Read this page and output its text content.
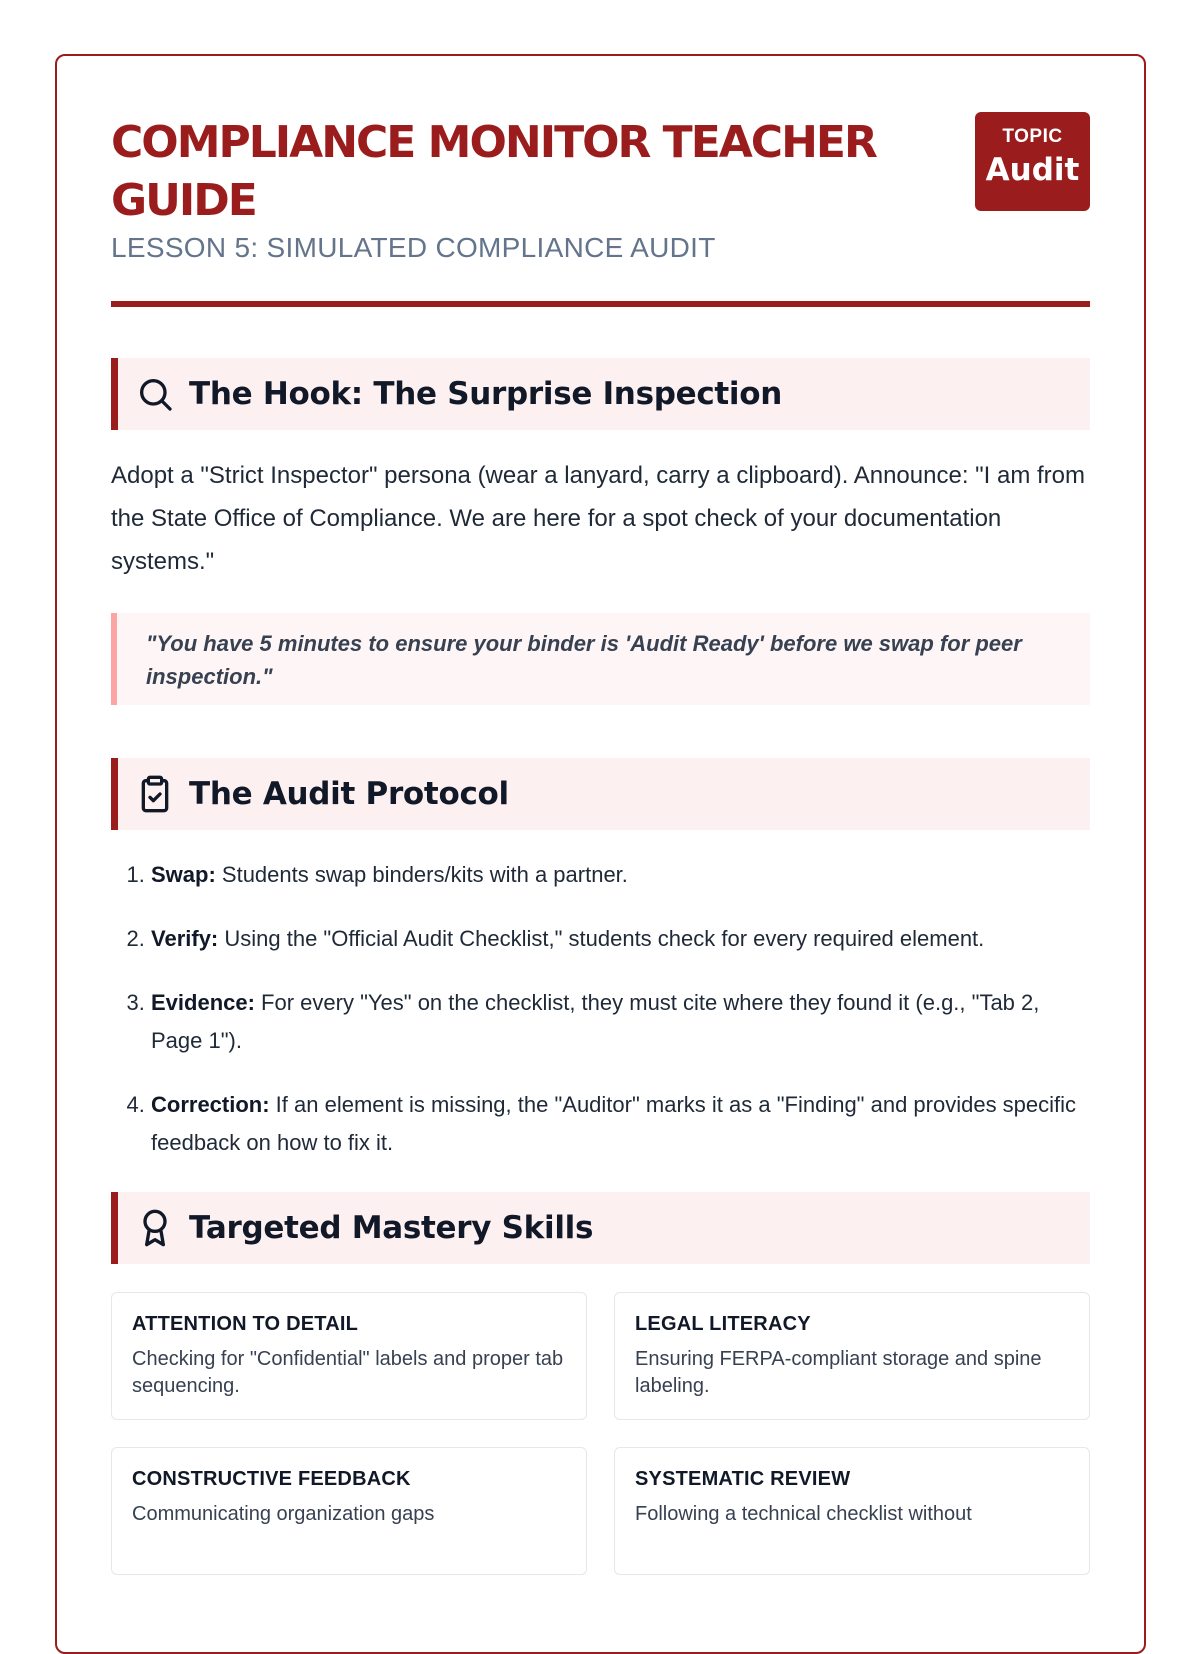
COMPLIANCE MONITOR TEACHER GUIDE
LESSON 5: SIMULATED COMPLIANCE AUDIT
TOPIC
Audit
The Hook: The Surprise Inspection

Adopt a "Strict Inspector" persona (wear a lanyard, carry a clipboard). Announce: "I am from the State Office of Compliance. We are here for a spot check of your documentation systems."

"You have 5 minutes to ensure your binder is 'Audit Ready' before we swap for peer inspection."
The Audit Protocol
1. Swap: Students swap binders/kits with a partner.
2. Verify: Using the "Official Audit Checklist," students check for every required element.
3. Evidence: For every "Yes" on the checklist, they must cite where they found it (e.g., "Tab 2, Page 1").
4. Correction: If an element is missing, the "Auditor" marks it as a "Finding" and provides specific feedback on how to fix it.
Targeted Mastery Skills
ATTENTION TO DETAIL
Checking for "Confidential" labels and proper tab sequencing.
LEGAL LITERACY
Ensuring FERPA-compliant storage and spine labeling.
CONSTRUCTIVE FEEDBACK
Communicating organization gaps
SYSTEMATIC REVIEW
Following a technical checklist without
